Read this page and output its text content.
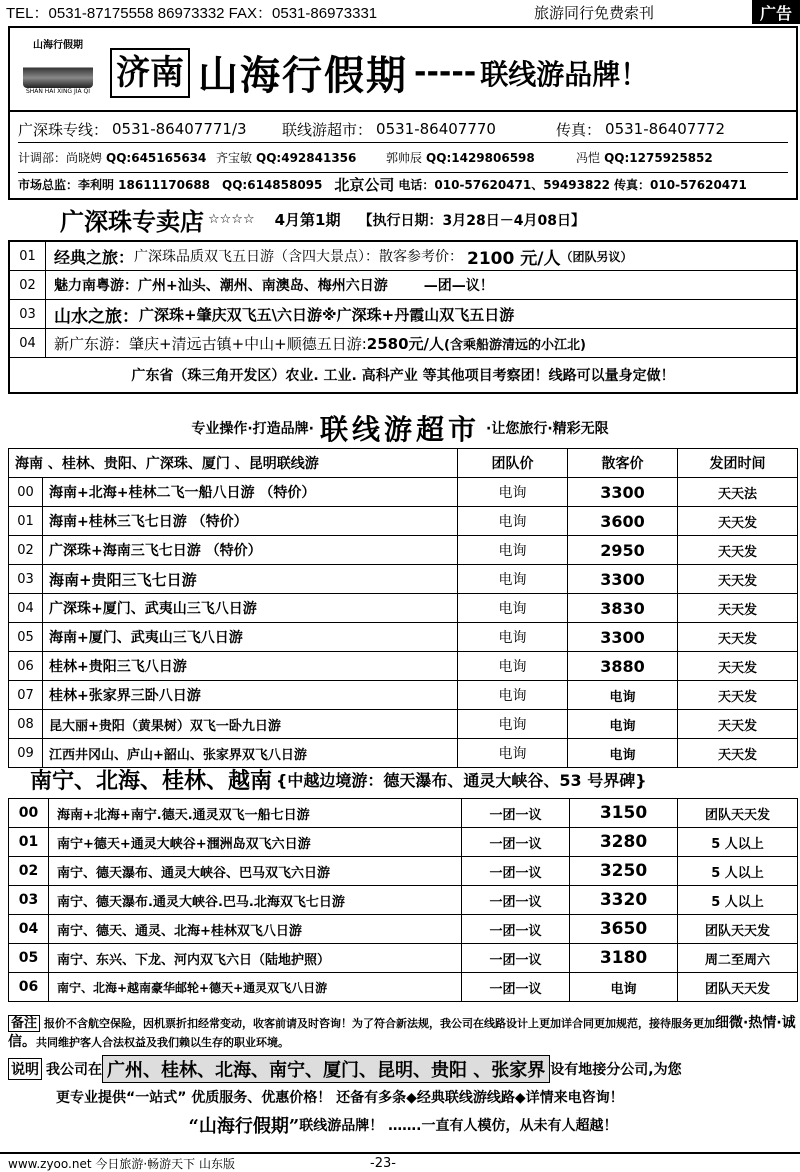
TEL：0531-87175558 86973332 FAX：0531-86973331	旅游同行免费索刊	广告
山海行假期
SHAN HAI XING JIA QI 济南 山海行假期 ----- 联线游品牌！
广深珠专线： 0531-86407771/3	联线游超市： 0531-86407770	传真： 0531-86407772
计调部：尚晓娉 QQ:645165634 齐宝敏 QQ:492841356	郭帅辰 QQ:1429806598	冯恺 QQ:1275925852
市场总监：李利明 18611170688 QQ:614858095 北京公司 电话：010-57620471、59493822 传真：010-57620471
广深珠专卖店 ☆☆☆☆ 4月第1期 【执行日期：3月28日－4月08日】
01	经典之旅： 广深珠品质双飞五日游（含四大景点）：散客参考价： 2100 元/人 （团队另议）
02	魅力南粤游： 广州+汕头、潮州、南澳岛、梅州六日游	—团—议！
03	山水之旅： 广深珠+肇庆双飞五\六日游※广深珠+丹霞山双飞五日游
04	新广东游： 肇庆+清远古镇+中山+顺德五日游: 2580元/人 (含乘船游清远的小江北)
广东省（珠三角开发区）农业. 工业. 高科产业 等其他项目考察团！线路可以量身定做！
专业操作·打造品牌· 联线游超市 ·让您旅行·精彩无限
海南 、桂林、贵阳、广深珠、厦门 、昆明联线游		团队价	散客价	发团时间
00	海南+北海+桂林二飞一船八日游 （特价）	电询	3300	天天法
01	海南+桂林三飞七日游 （特价）	电询	3600	天天发
02	广深珠+海南三飞七日游 （特价）	电询	2950	天天发
03	海南+贵阳三飞七日游	电询	3300	天天发
04	广深珠+厦门、武夷山三飞八日游	电询	3830	天天发
05	海南+厦门、武夷山三飞八日游	电询	3300	天天发
06	桂林+贵阳三飞八日游	电询	3880	天天发
07	桂林+张家界三卧八日游	电询	电询	天天发
08	昆大丽+贵阳（黄果树）双飞一卧九日游	电询	电询	天天发
09	江西井冈山、庐山+韶山、张家界双飞八日游	电询	电询	天天发
南宁、北海、桂林、越南 {中越边境游：德天瀑布、通灵大峡谷、53 号界碑}
00	海南+北海+南宁.德天.通灵双飞一船七日游	一团一议	3150	团队天天发
01	南宁+德天+通灵大峡谷+涠洲岛双飞六日游	一团一议	3280	5 人以上
02	南宁、德天瀑布、通灵大峡谷、巴马双飞六日游	一团一议	3250	5 人以上
03	南宁、德天瀑布.通灵大峡谷.巴马.北海双飞七日游	一团一议	3320	5 人以上
04	南宁、德天、通灵、北海+桂林双飞八日游	一团一议	3650	团队天天发
05	南宁、东兴、下龙、河内双飞六日（陆地护照）	一团一议	3180	周二至周六
06	南宁、北海+越南豪华邮轮+德天+通灵双飞八日游	一团一议	电询	团队天天发
备注 报价不含航空保险，因机票折扣经常变动，收客前请及时咨询！为了符合新法规，我公司在线路设计上更加详合同更加规范，接待服务更加细微·热情·诚信。共同维护客人合法权益及我们赖以生存的职业环境。
说明 我公司在 广州、桂林、北海、南宁、厦门、昆明、贵阳 、张家界 设有地接分公司,为您
更专业提供“一站式” 优质服务、优惠价格！ 还备有多条◆经典联线游线路◆详情来电咨询！
“山海行假期” 联线游品牌！ …….一直有人模仿，从未有人超越！
www.zyoo.net 今日旅游·畅游天下 山东版	-23-
